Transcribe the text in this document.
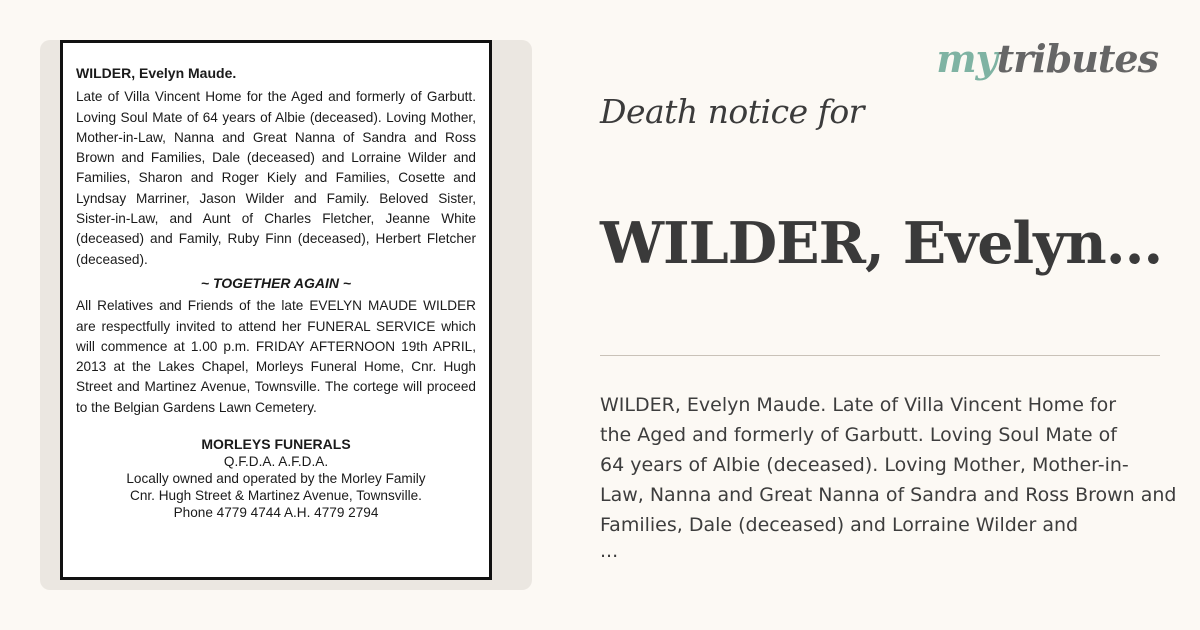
WILDER, Evelyn Maude.

Late of Villa Vincent Home for the Aged and formerly of Garbutt. Loving Soul Mate of 64 years of Albie (deceased). Loving Mother, Mother-in-Law, Nanna and Great Nanna of Sandra and Ross Brown and Families, Dale (deceased) and Lorraine Wilder and Families, Sharon and Roger Kiely and Families, Cosette and Lyndsay Marriner, Jason Wilder and Family. Beloved Sister, Sister-in-Law, and Aunt of Charles Fletcher, Jeanne White (deceased) and Family, Ruby Finn (deceased), Herbert Fletcher (deceased).

~ TOGETHER AGAIN ~

All Relatives and Friends of the late EVELYN MAUDE WILDER are respectfully invited to attend her FUNERAL SERVICE which will commence at 1.00 p.m. FRIDAY AFTERNOON 19th APRIL, 2013 at the Lakes Chapel, Morleys Funeral Home, Cnr. Hugh Street and Martinez Avenue, Townsville. The cortege will proceed to the Belgian Gardens Lawn Cemetery.

MORLEYS FUNERALS
Q.F.D.A. A.F.D.A.
Locally owned and operated by the Morley Family
Cnr. Hugh Street & Martinez Avenue, Townsville.
Phone 4779 4744 A.H. 4779 2794
mytributes
Death notice for
WILDER, Evelyn...
WILDER, Evelyn Maude. Late of Villa Vincent Home for
the Aged and formerly of Garbutt. Loving Soul Mate of
64 years of Albie (deceased). Loving Mother, Mother-in-
Law, Nanna and Great Nanna of Sandra and Ross Brown and
Families, Dale (deceased) and Lorraine Wilder and
...
